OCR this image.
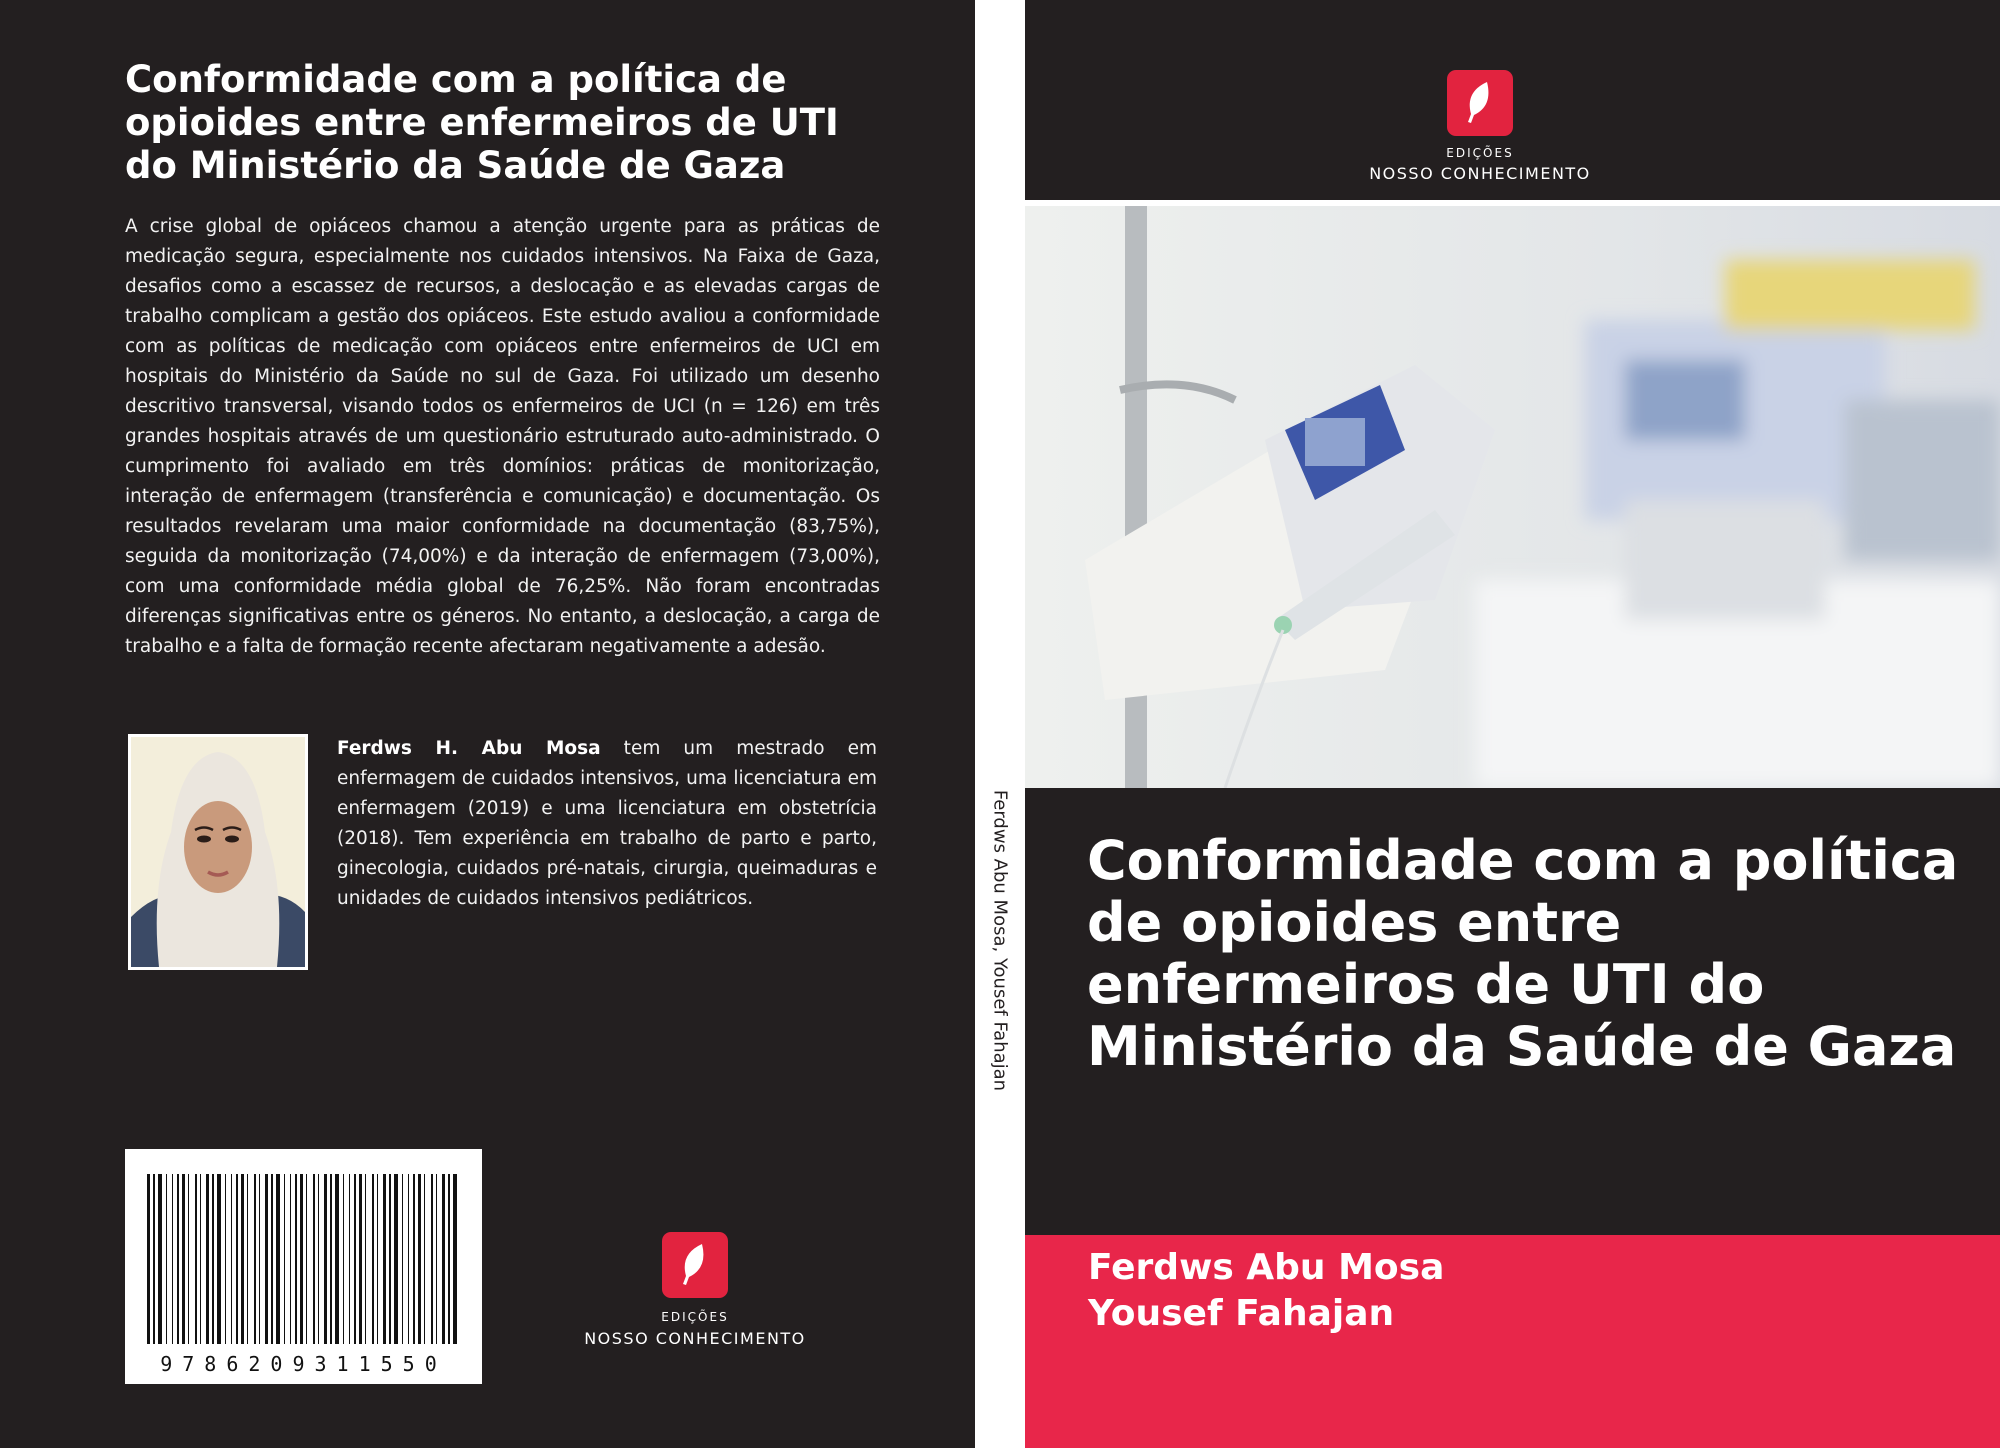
Conformidade com a política de opioides entre enfermeiros de UTI do Ministério da Saúde de Gaza

A crise global de opiáceos chamou a atenção urgente para as práticas de medicação segura, especialmente nos cuidados intensivos. Na Faixa de Gaza, desafios como a escassez de recursos, a deslocação e as elevadas cargas de trabalho complicam a gestão dos opiáceos. Este estudo avaliou a conformidade com as políticas de medicação com opiáceos entre enfermeiros de UCI em hospitais do Ministério da Saúde no sul de Gaza. Foi utilizado um desenho descritivo transversal, visando todos os enfermeiros de UCI (n = 126) em três grandes hospitais através de um questionário estruturado auto-administrado. O cumprimento foi avaliado em três domínios: práticas de monitorização, interação de enfermagem (transferência e comunicação) e documentação. Os resultados revelaram uma maior conformidade na documentação (83,75%), seguida da monitorização (74,00%) e da interação de enfermagem (73,00%), com uma conformidade média global de 76,25%. Não foram encontradas diferenças significativas entre os géneros. No entanto, a deslocação, a carga de trabalho e a falta de formação recente afectaram negativamente a adesão.

Ferdws H. Abu Mosa tem um mestrado em enfermagem de cuidados intensivos, uma licenciatura em enfermagem (2019) e uma licenciatura em obstetrícia (2018). Tem experiência em trabalho de parto e parto, ginecologia, cuidados pré-natais, cirurgia, queimaduras e unidades de cuidados intensivos pediátricos.

9786209311550
EDIÇÕES
NOSSO CONHECIMENTO
Ferdws Abu Mosa, Yousef Fahajan
EDIÇÕES
NOSSO CONHECIMENTO
Conformidade com a política de opioides entre enfermeiros de UTI do Ministério da Saúde de Gaza
Ferdws Abu Mosa
Yousef Fahajan
